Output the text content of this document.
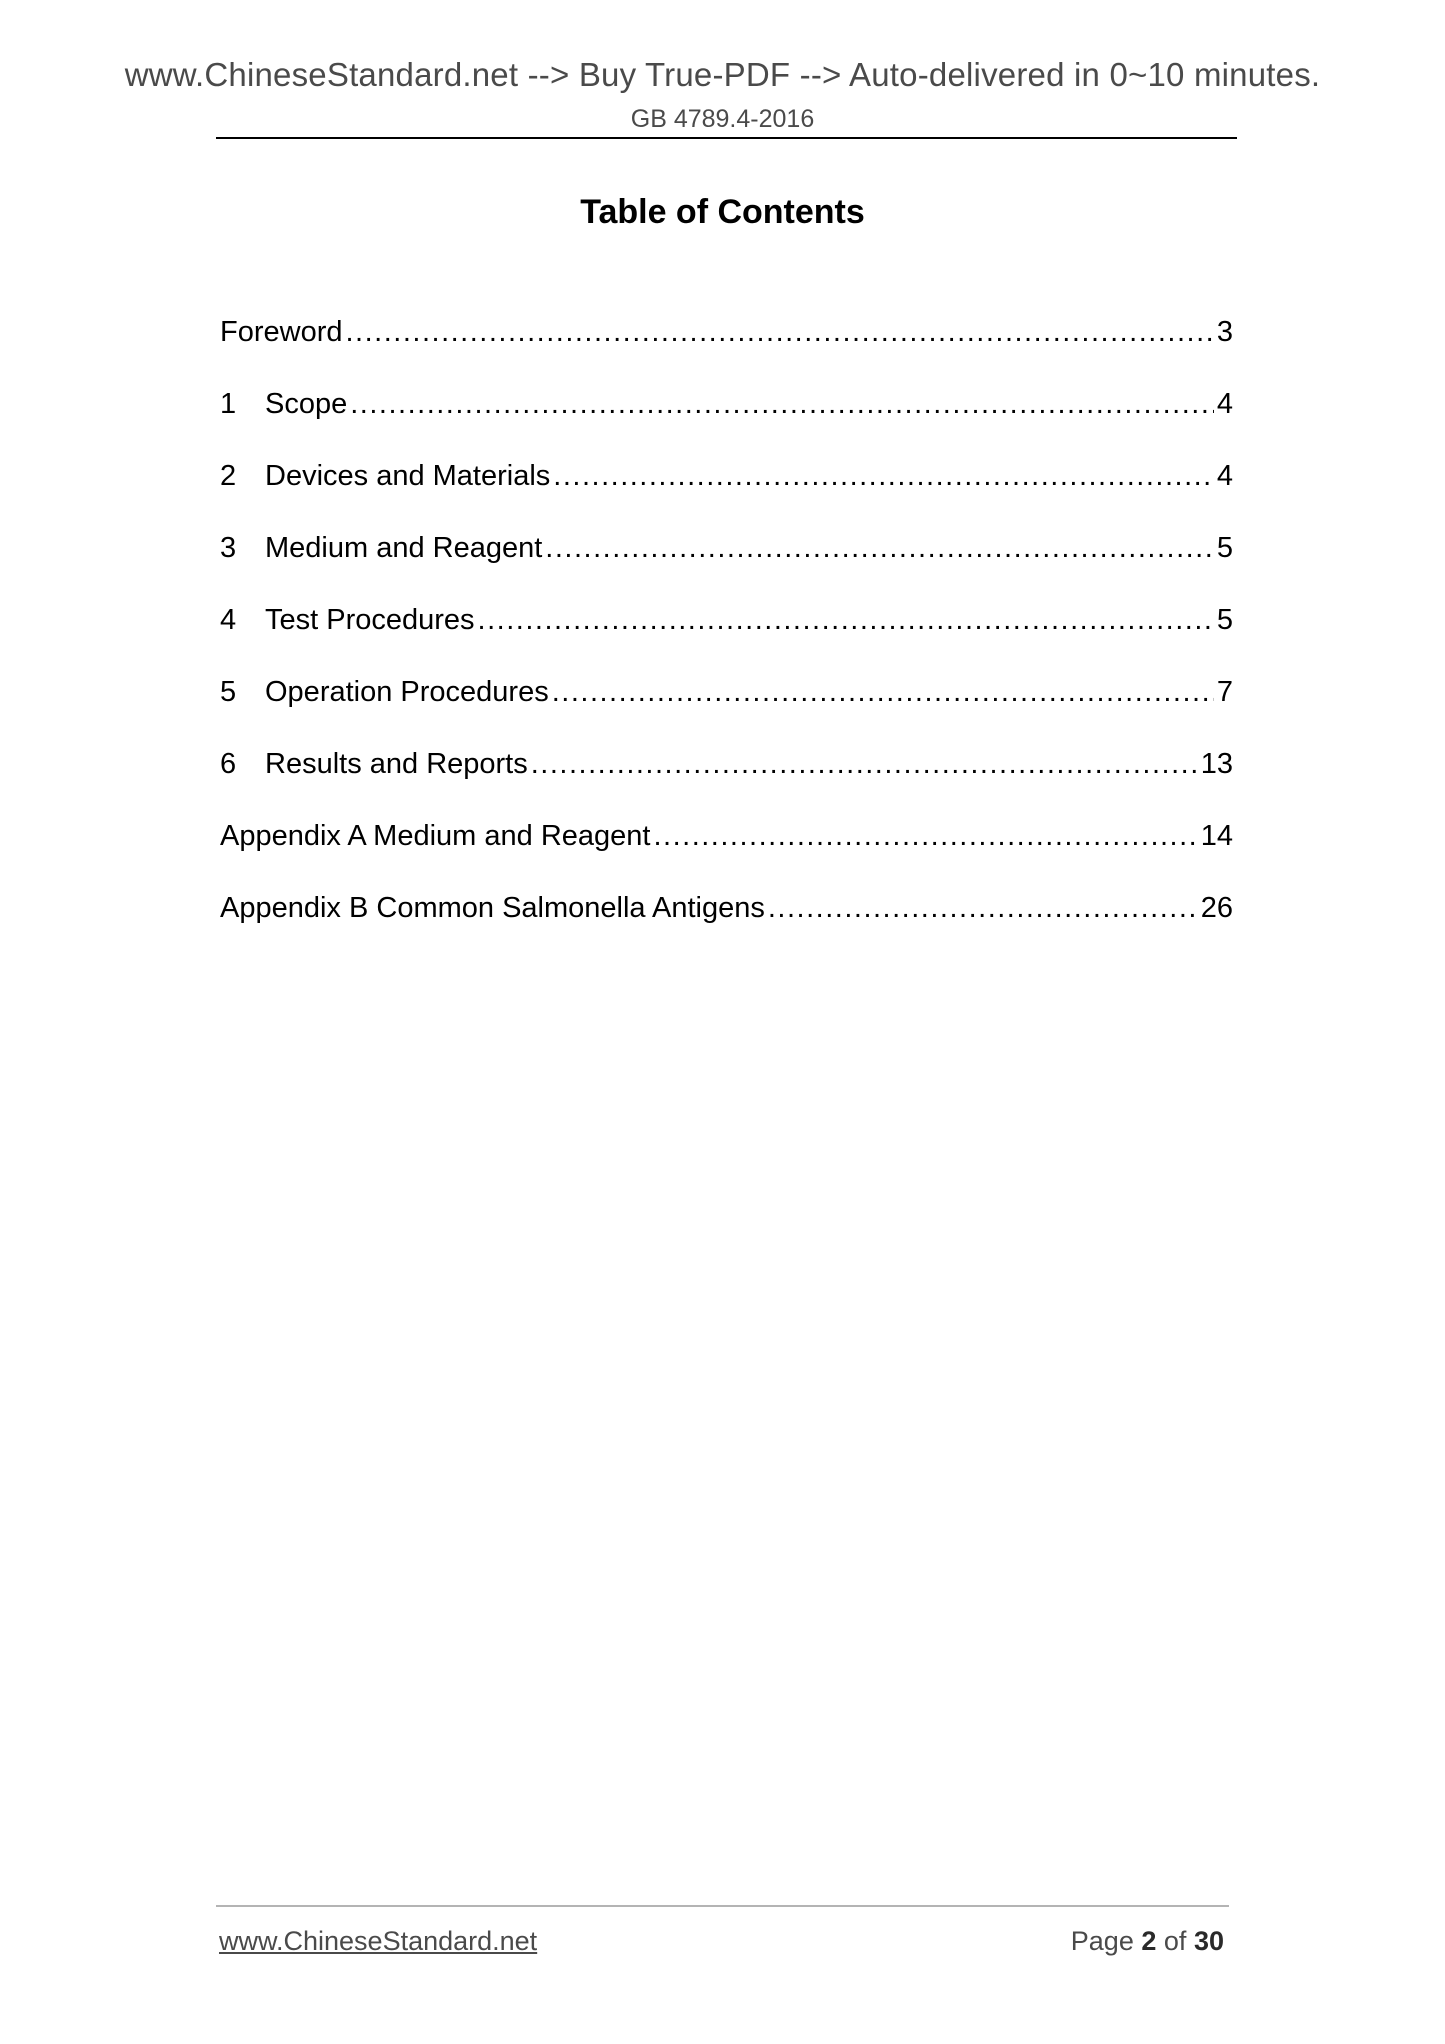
www.ChineseStandard.net --> Buy True-PDF --> Auto-delivered in 0~10 minutes.
GB 4789.4-2016
Table of Contents
Foreword .....	3
1 Scope .....	4
2 Devices and Materials .....	4
3 Medium and Reagent .....	5
4 Test Procedures .....	5
5 Operation Procedures .....	7
6 Results and Reports .....	13
Appendix A Medium and Reagent .....	14
Appendix B Common Salmonella Antigens .....	26
www.ChineseStandard.net	Page 2 of 30
